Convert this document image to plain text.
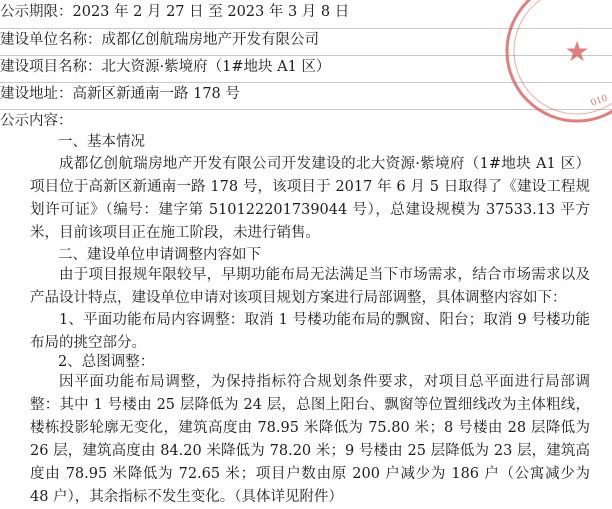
公示期限：2023 年 2 月 27 日 至 2023 年 3 月 8 日
建设单位名称：成都亿创航瑞房地产开发有限公司
建设项目名称：北大资源·紫境府（1#地块 A1 区）
建设地址：高新区新通南一路 178 号
公示内容：
一、基本情况

成都亿创航瑞房地产开发有限公司开发建设的北大资源·紫境府（1#地块 A1 区）项目位于高新区新通南一路 178 号，该项目于 2017 年 6 月 5 日取得了《建设工程规划许可证》（编号：建字第 510122201739044 号），总建设规模为 37533.13 平方米，目前该项目正在施工阶段，未进行销售。

二、建设单位申请调整内容如下

由于项目报规年限较早，早期功能布局无法满足当下市场需求，结合市场需求以及产品设计特点，建设单位申请对该项目规划方案进行局部调整，具体调整内容如下：

1、平面功能布局内容调整：取消 1 号楼功能布局的飘窗、阳台；取消 9 号楼功能布局的挑空部分。

2、总图调整：

因平面功能布局调整，为保持指标符合规划条件要求，对项目总平面进行局部调整：其中 1 号楼由 25 层降低为 24 层，总图上阳台、飘窗等位置细线改为主体粗线，楼栋投影轮廓无变化，建筑高度由 78.95 米降低为 75.80 米；8 号楼由 28 层降低为 26 层，建筑高度由 84.20 米降低为 78.20 米；9 号楼由 25 层降低为 23 层，建筑高度由 78.95 米降低为 72.65 米；项目户数由原 200 户减少为 186 户（公寓减少为 48 户），其余指标不发生变化。（具体详见附件）

★
010
